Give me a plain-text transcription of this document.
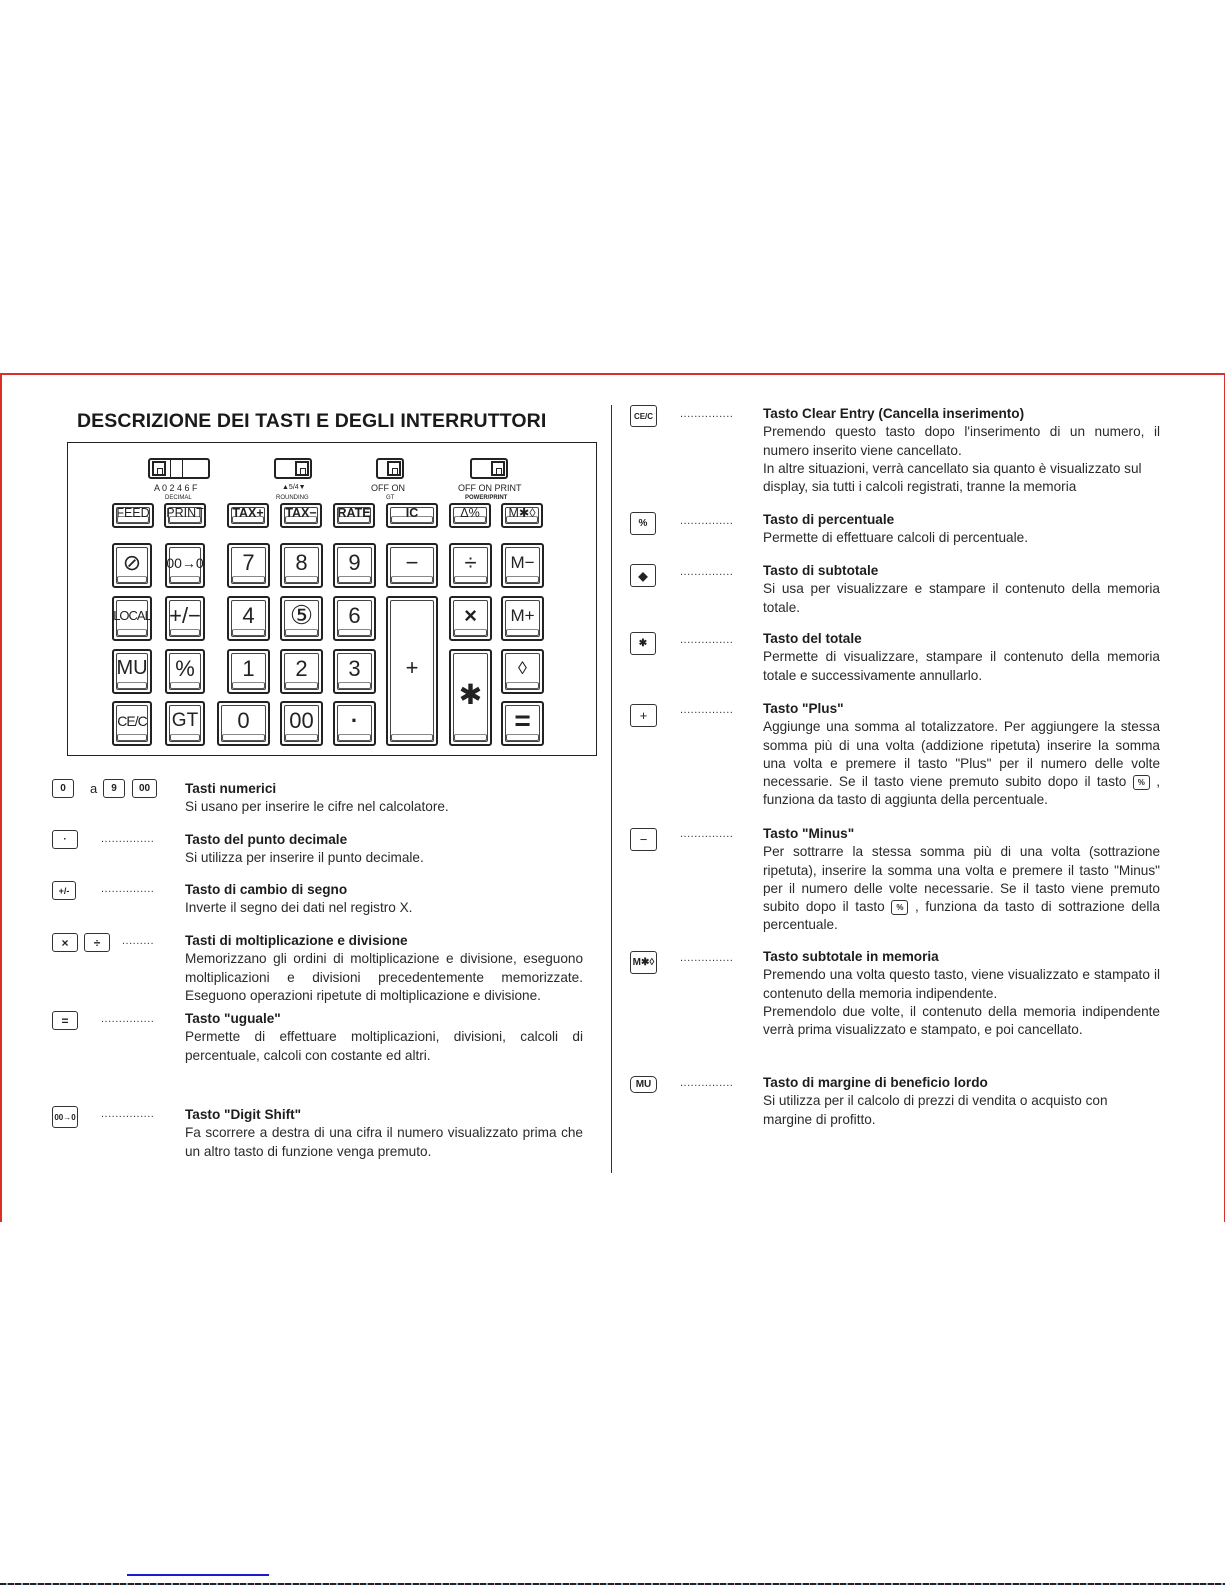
DESCRIZIONE DEI TASTI E DEGLI INTERRUTTORI
A 0 2 4 6 F
DECIMAL
▲5/4▼
ROUNDING
OFF ON
GT
OFF ON PRINT
POWER/PRINT
FEED PRINT TAX+ TAX− RATE	IC	Δ% M✱◊
⊘ 00→0 7 8 9 − ÷ M−
LOCAL +/− 4 ⑤ 6
+
× M+
MU % 1 2 3
✱
◊
CE/C GT 0 00 ·	=
0	a	9	00	Tasti numerici
Si usano per inserire le cifre nel calcolatore.
·	............... Tasto del punto decimale
Si utilizza per inserire il punto decimale.
+/-	............... Tasto di cambio di segno
Inverte il segno dei dati nel registro X.
×	÷	......... Tasti di moltiplicazione e divisione
Memorizzano gli ordini di moltiplicazione e divisione, eseguono moltiplicazioni e divisioni precedentemente memorizzate. Eseguono operazioni ripetute di moltiplicazione e divisione.
=	............... Tasto "uguale"
Permette di effettuare moltiplicazioni, divisioni, calcoli di percentuale, calcoli con costante ed altri.
00→0 ............... Tasto "Digit Shift"
Fa scorrere a destra di una cifra il numero visualizzato prima che un altro tasto di funzione venga premuto.
CE/C	............... Tasto Clear Entry (Cancella inserimento)
Premendo questo tasto dopo l'inserimento di un numero, il numero inserito viene cancellato.
In altre situazioni, verrà cancellato sia quanto è visualizzato sul display, sia tutti i calcoli registrati, tranne la memoria
%	............... Tasto di percentuale
Permette di effettuare calcoli di percentuale.
◆	............... Tasto di subtotale
Si usa per visualizzare e stampare il contenuto della memoria totale.
✱	............... Tasto del totale
Permette di visualizzare, stampare il contenuto della memoria totale e successivamente annullarlo.
+	............... Tasto "Plus"
Aggiunge una somma al totalizzatore. Per aggiungere la stessa somma più di una volta (addizione ripetuta) inserire la somma una volta e premere il tasto "Plus" per il numero delle volte necessarie. Se il tasto viene premuto subito dopo il tasto % , funziona da tasto di aggiunta della percentuale.
−	............... Tasto "Minus"
Per sottrarre la stessa somma più di una volta (sottrazione ripetuta), inserire la somma una volta e premere il tasto "Minus" per il numero delle volte necessarie. Se il tasto viene premuto subito dopo il tasto % , funziona da tasto di sottrazione della percentuale.
M✱◊ ............... Tasto subtotale in memoria
Premendo una volta questo tasto, viene visualizzato e stampato il contenuto della memoria indipendente.
Premendolo due volte, il contenuto della memoria indipendente verrà prima visualizzato e stampato, e poi cancellato.
MU	............... Tasto di margine di beneficio lordo
Si utilizza per il calcolo di prezzi di vendita o acquisto con margine di profitto.
